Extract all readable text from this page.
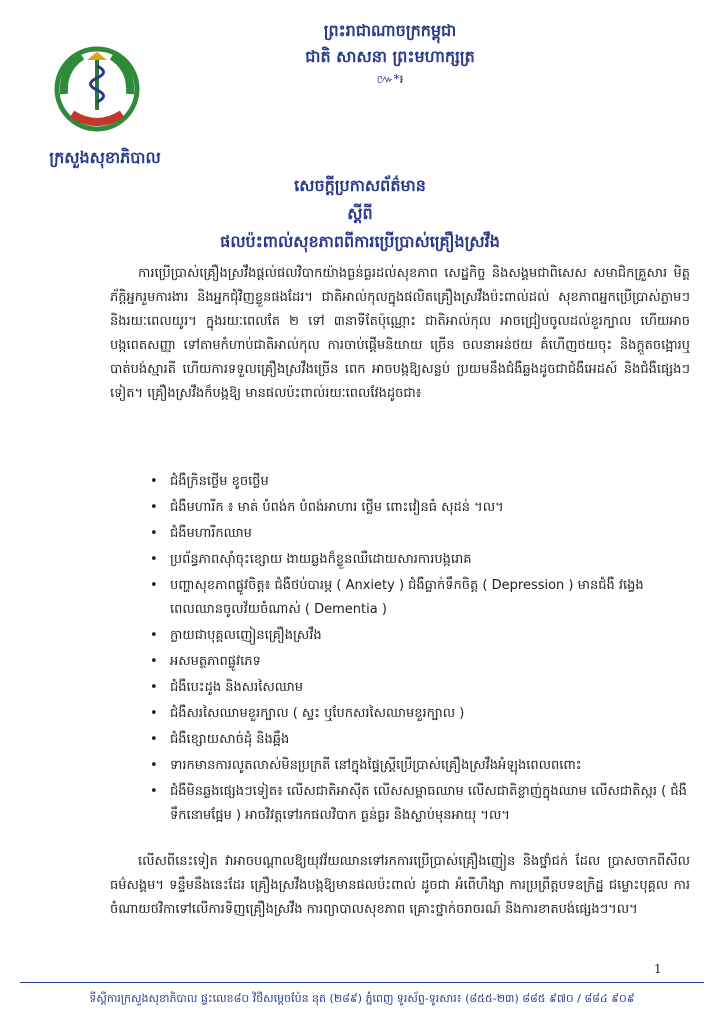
ព្រះរាជាណាចក្រកម្ពុជា
ជាតិ សាសនា ព្រះមហាក្សត្រ
៚*៛
ក្រសួងសុខាភិបាល
សេចក្ដីប្រកាសព័ត៌មាន
ស្ដីពី
ផលប៉ះពាល់សុខភាពពីការប្រើប្រាស់គ្រឿងស្រវឹង

ការប្រើប្រាស់គ្រឿងស្រវឹងផ្ដល់ផលវិបាកយ៉ាងធ្ងន់ធ្ងរដល់សុខភាព សេដ្ឋកិច្ច និងសង្គមជាពិសេស សមាជិកគ្រួសារ មិត្តភ័ក្តិអ្នករួមការងារ និងអ្នកជុំវិញខ្លួនផងដែរ។ ជាតិអាល់កុលក្នុងផលិតគ្រឿងស្រវឹងប៉ះពាល់ដល់ សុខភាពអ្នកប្រើប្រាស់ភ្លាមៗ និងរយៈពេលយូរ។ ក្នុងរយៈពេលតែ ២ ទៅ ៣នាទីតែប៉ុណ្ណោះ ជាតិអាល់កុល អាចជ្រៀបចូលដល់ខួរក្បាល ហើយអាចបង្កពេតសញ្ញា ទៅតាមកំហាប់ជាតិអាល់កុល ការចាប់ផ្ដើមនិយាយ ច្រើន ចលនាអន់ថយ គំហើញថយចុះ និងក្តួតចង្អោរឬបាត់បង់ស្មារតី ហើយការទទួលគ្រឿងស្រវឹងច្រើន ពេក អាចបង្កឱ្យសន្លប់ ប្រយមនឹងជំងឺឆ្លងដូចជាជំងឺអេដស៍ និងជំងឺផ្សេងៗទៀត។ គ្រឿងស្រវឹងក៏បង្កឱ្យ មានផលប៉ះពាល់រយៈពេលវែងដូចជា៖

• ជំងឺក្រិនថ្លើម ខូចថ្លើម
• ជំងឺមហារីក ៖ មាត់ បំពង់ក បំពង់អាហារ ថ្លើម ពោះវៀនធំ សុដន់ ។ល។
• ជំងឺមហារីកឈាម
• ប្រព័ន្ធភាពស៊ាំចុះខ្សោយ ងាយឆ្លងក៏ខ្លួនឈឺដោយសារការបង្ករោគ
• បញ្ហាសុខភាពផ្លូវចិត្ត៖ ជំងឺថប់បារម្ភ ( Anxiety ) ជំងឺធ្លាក់ទឹកចិត្ត ( Depression ) មានជំងឺ វង្វេងពេលឈានចូលវ័យចំណាស់ ( Dementia )
• ក្លាយជាបុគ្គលញៀនគ្រឿងស្រវឹង
• អសមត្ថភាពផ្លូវភេទ
• ជំងឺបេះដូង និងសរសៃឈាម
• ជំងឺសរសៃឈាមខួរក្បាល ( ស្ទះ ឬបែកសរសៃឈាមខួរក្បាល )
• ជំងឺខ្សោយសាច់ដុំ និងឆ្អឹង
• ទារកមានការលូតលាស់មិនប្រក្រតី នៅក្នុងផ្ទៃស្ត្រីប្រើប្រាស់គ្រឿងស្រវឹងអំឡុងពេលពពោះ
• ជំងឺមិនឆ្លងផ្សេងៗទៀត៖ លើសជាតិអាស៊ីត លើសសម្ពាធឈាម លើសជាតិខ្លាញ់ក្នុងឈាម លើសជាតិស្ករ ( ជំងឺទឹកនោមផ្អែម ) អាចវិវត្តទៅរកផលវិបាក ធ្ងន់ធ្ងរ និងស្លាប់មុនអាយុ ។ល។

លើសពីនេះទៀត វាអាចបណ្ដាលឱ្យយុវវ័យឈានទៅរកការប្រើប្រាស់គ្រឿងញៀន និងថ្នាំជក់ ដែល ប្រាសចាកពីសីលធម៌សង្គម។ ទន្ទឹមនឹងនេះដែរ គ្រឿងស្រវឹងបង្កឱ្យមានផលប៉ះពាល់ ដូចជា អំពើហឹង្សា ការប្រព្រឹត្តបទឧក្រិដ្ឋ ជម្លោះបុគ្គល ការចំណាយថវិកាទៅលើការទិញគ្រឿងស្រវឹង ការព្យាបាលសុខភាព គ្រោះថ្នាក់ចរាចរណ៍ និងការខាតបង់ផ្សេងៗ។ល។

1
ទីស្តីការក្រសួងសុខាភិបាល ផ្ទះលេខ៨០ វិថីសម្ដេចប៉ែន នុត (២៨៩) ភ្នំពេញ ទូរស័ព្ទ-ទូរសារ៖ (៨៥៥-២៣) ៨៨៥ ៩៧០ / ៨៨៤ ៩០៩
